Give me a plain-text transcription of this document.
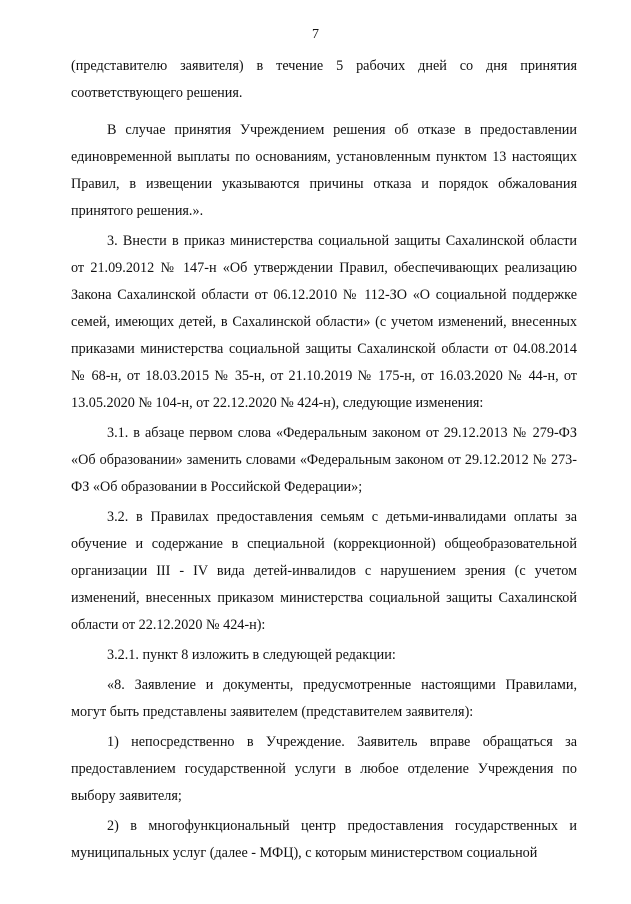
7

(представителю заявителя) в течение 5 рабочих дней со дня принятия соответствующего решения.

В случае принятия Учреждением решения об отказе в предоставлении единовременной выплаты по основаниям, установленным пунктом 13 настоящих Правил, в извещении указываются причины отказа и порядок обжалования принятого решения.».

3. Внести в приказ министерства социальной защиты Сахалинской области от 21.09.2012 № 147-н «Об утверждении Правил, обеспечивающих реализацию Закона Сахалинской области от 06.12.2010 № 112-ЗО «О социальной поддержке семей, имеющих детей, в Сахалинской области» (с учетом изменений, внесенных приказами министерства социальной защиты Сахалинской области от 04.08.2014 № 68-н, от 18.03.2015 № 35-н, от 21.10.2019 № 175-н, от 16.03.2020 № 44-н, от 13.05.2020 № 104-н, от 22.12.2020 № 424-н), следующие изменения:

3.1. в абзаце первом слова «Федеральным законом от 29.12.2013 № 279-ФЗ «Об образовании» заменить словами «Федеральным законом от 29.12.2012 № 273-ФЗ «Об образовании в Российской Федерации»;

3.2. в Правилах предоставления семьям с детьми-инвалидами оплаты за обучение и содержание в специальной (коррекционной) общеобразовательной организации III - IV вида детей-инвалидов с нарушением зрения (с учетом изменений, внесенных приказом министерства социальной защиты Сахалинской области от 22.12.2020 № 424-н):

3.2.1. пункт 8 изложить в следующей редакции:

«8. Заявление и документы, предусмотренные настоящими Правилами, могут быть представлены заявителем (представителем заявителя):

1) непосредственно в Учреждение. Заявитель вправе обращаться за предоставлением государственной услуги в любое отделение Учреждения по выбору заявителя;

2) в многофункциональный центр предоставления государственных и муниципальных услуг (далее - МФЦ), с которым министерством социальной
